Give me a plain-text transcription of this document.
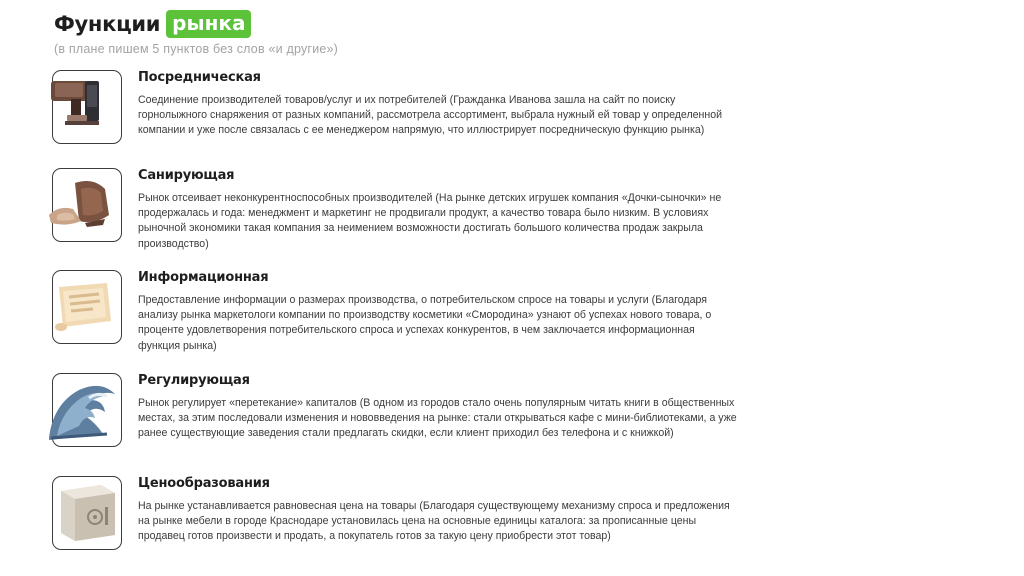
Функции рынка
(в плане пишем 5 пунктов без слов «и другие»)

Посредническая

Соединение производителей товаров/услуг и их потребителей (Гражданка Иванова зашла на сайт по поиску горнолыжного снаряжения от разных компаний, рассмотрела ассортимент, выбрала нужный ей товар у определенной компании и уже после связалась с ее менеджером напрямую, что иллюстрирует посредническую функцию рынка)

Санирующая

Рынок отсеивает неконкурентноспособных производителей (На рынке детских игрушек компания «Дочки-сыночки» не продержалась и года: менеджмент и маркетинг не продвигали продукт, а качество товара было низким. В условиях рыночной экономики такая компания за неимением возможности достигать большого количества продаж закрыла производство)

Информационная

Предоставление информации о размерах производства, о потребительском спросе на товары и услуги (Благодаря анализу рынка маркетологи компании по производству косметики «Смородина» узнают об успехах нового товара, о проценте удовлетворения потребительского спроса и успехах конкурентов, в чем заключается информационная функция рынка)

Регулирующая

Рынок регулирует «перетекание» капиталов (В одном из городов стало очень популярным читать книги в общественных местах, за этим последовали изменения и нововведения на рынке: стали открываться кафе с мини-библиотеками, а уже ранее существующие заведения стали предлагать скидки, если клиент приходил без телефона и с книжкой)

Ценообразования

На рынке устанавливается равновесная цена на товары (Благодаря существующему механизму спроса и предложения на рынке мебели в городе Краснодаре установилась цена на основные единицы каталога: за прописанные цены продавец готов произвести и продать, а покупатель готов за такую цену приобрести этот товар)
